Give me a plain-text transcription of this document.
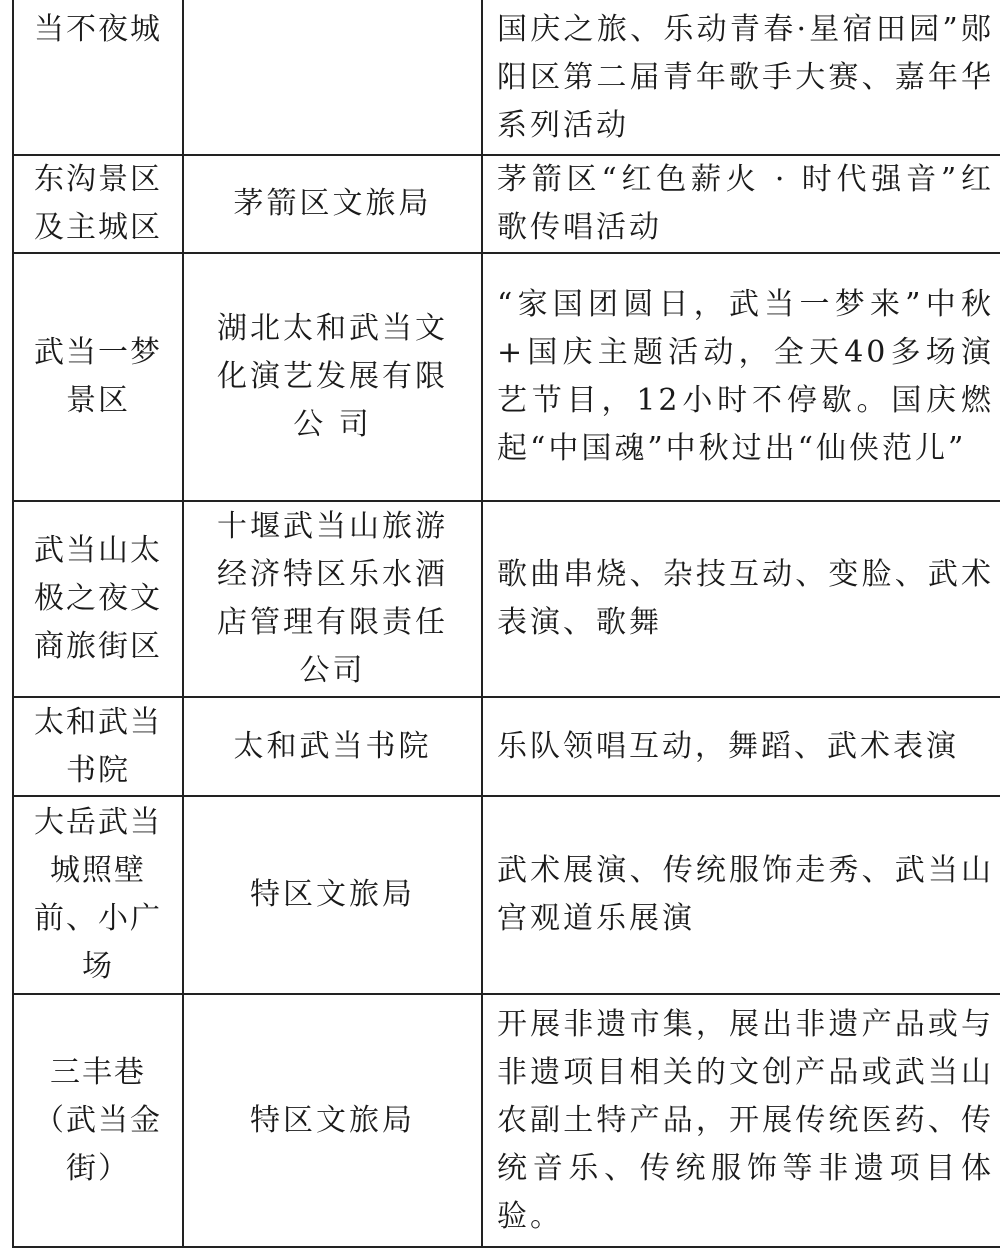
当不夜城		国庆之旅、乐动青春·星宿田园”郧阳区第二届青年歌手大赛、嘉年华系列活动
东沟景区
及主城区	茅箭区文旅局	茅箭区“红色薪火 · 时代强音”红歌传唱活动
武当一梦
景区	湖北太和武当文化演艺发展有限公 司	“家国团圆日，武当一梦来”中秋+国庆主题活动，全天40多场演艺节目，12小时不停歇。国庆燃起“中国魂”中秋过出“仙侠范儿”
武当山太
极之夜文
商旅街区	十堰武当山旅游经济特区乐水酒店管理有限责任公司	歌曲串烧、杂技互动、变脸、武术表演、歌舞
太和武当
书院	太和武当书院	乐队领唱互动，舞蹈、武术表演
大岳武当
城照壁
前、小广
场	特区文旅局	武术展演、传统服饰走秀、武当山宫观道乐展演
三丰巷
（武当金
街）	特区文旅局	开展非遗市集，展出非遗产品或与非遗项目相关的文创产品或武当山农副土特产品，开展传统医药、传统音乐、传统服饰等非遗项目体验。
